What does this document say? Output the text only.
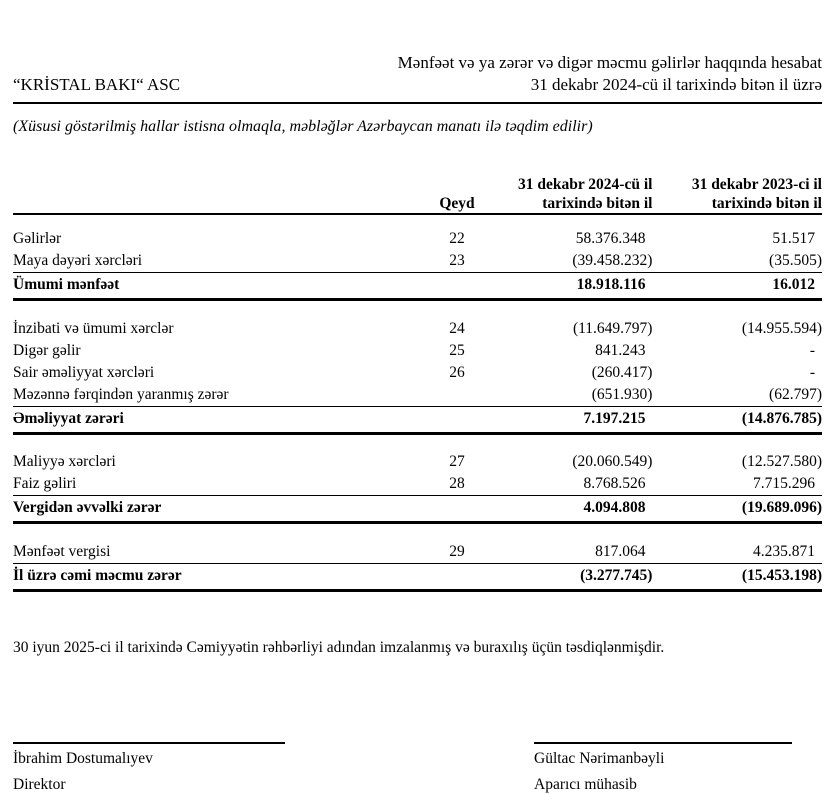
“KRİSTAL BAKI“ ASC
Mənfəət və ya zərər və digər məcmu gəlirlər haqqında hesabat
31 dekabr 2024-cü il tarixində bitən il üzrə
(Xüsusi göstərilmiş hallar istisna olmaqla, məbləğlər Azərbaycan manatı ilə təqdim edilir)
	Qeyd	
31 dekabr 2024-cü il
tarixində bitən il

31 dekabr 2023-ci il
tarixində bitən il

Gəlirlər	22	58.376.348	51.517
Maya dəyəri xərcləri	23	(39.458.232)	(35.505)
Ümumi mənfəət		18.918.116	16.012

İnzibati və ümumi xərclər	24	(11.649.797)	(14.955.594)
Digər gəlir	25	841.243	-
Sair əməliyyat xərcləri	26	(260.417)	-
Məzənnə fərqindən yaranmış zərər		(651.930)	(62.797)
Əməliyyat zərəri		7.197.215	(14.876.785)

Maliyyə xərcləri	27	(20.060.549)	(12.527.580)
Faiz gəliri	28	8.768.526	7.715.296
Vergidən əvvəlki zərər		4.094.808	(19.689.096)

Mənfəət vergisi	29	817.064	4.235.871
İl üzrə cəmi məcmu zərər		(3.277.745)	(15.453.198)
30 iyun 2025-ci il tarixində Cəmiyyətin rəhbərliyi adından imzalanmış və buraxılış üçün təsdiqlənmişdir.
İbrahim Dostumalıyev
Direktor
Gültac Nərimanbəyli
Aparıcı mühasib
